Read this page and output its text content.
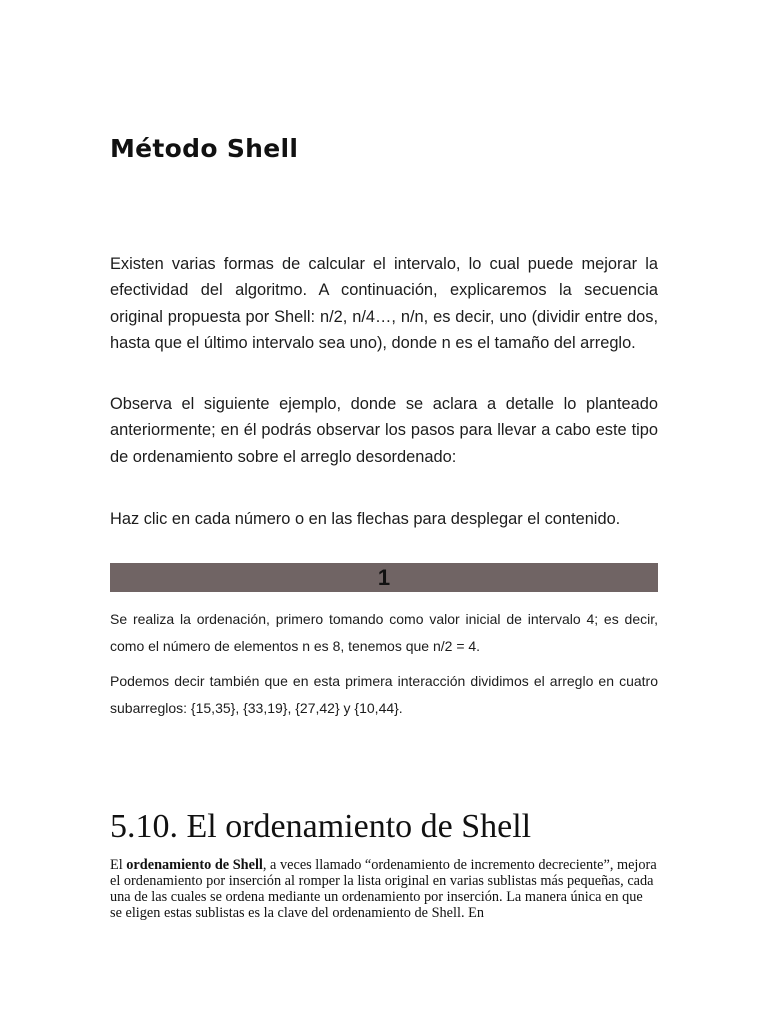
Método Shell

Existen varias formas de calcular el intervalo, lo cual puede mejorar la efectividad del algoritmo. A continuación, explicaremos la secuencia original propuesta por Shell: n/2, n/4…, n/n, es decir, uno (dividir entre dos, hasta que el último intervalo sea uno), donde n es el tamaño del arreglo.

Observa el siguiente ejemplo, donde se aclara a detalle lo planteado anteriormente; en él podrás observar los pasos para llevar a cabo este tipo de ordenamiento sobre el arreglo desordenado:

Haz clic en cada número o en las flechas para desplegar el contenido.

1

Se realiza la ordenación, primero tomando como valor inicial de intervalo 4; es decir, como el número de elementos n es 8, tenemos que n/2 = 4.

Podemos decir también que en esta primera interacción dividimos el arreglo en cuatro subarreglos: {15,35}, {33,19}, {27,42} y {10,44}.

5.10. El ordenamiento de Shell

El ordenamiento de Shell, a veces llamado “ordenamiento de incremento decreciente”, mejora el ordenamiento por inserción al romper la lista original en varias sublistas más pequeñas, cada una de las cuales se ordena mediante un ordenamiento por inserción. La manera única en que se eligen estas sublistas es la clave del ordenamiento de Shell. En
